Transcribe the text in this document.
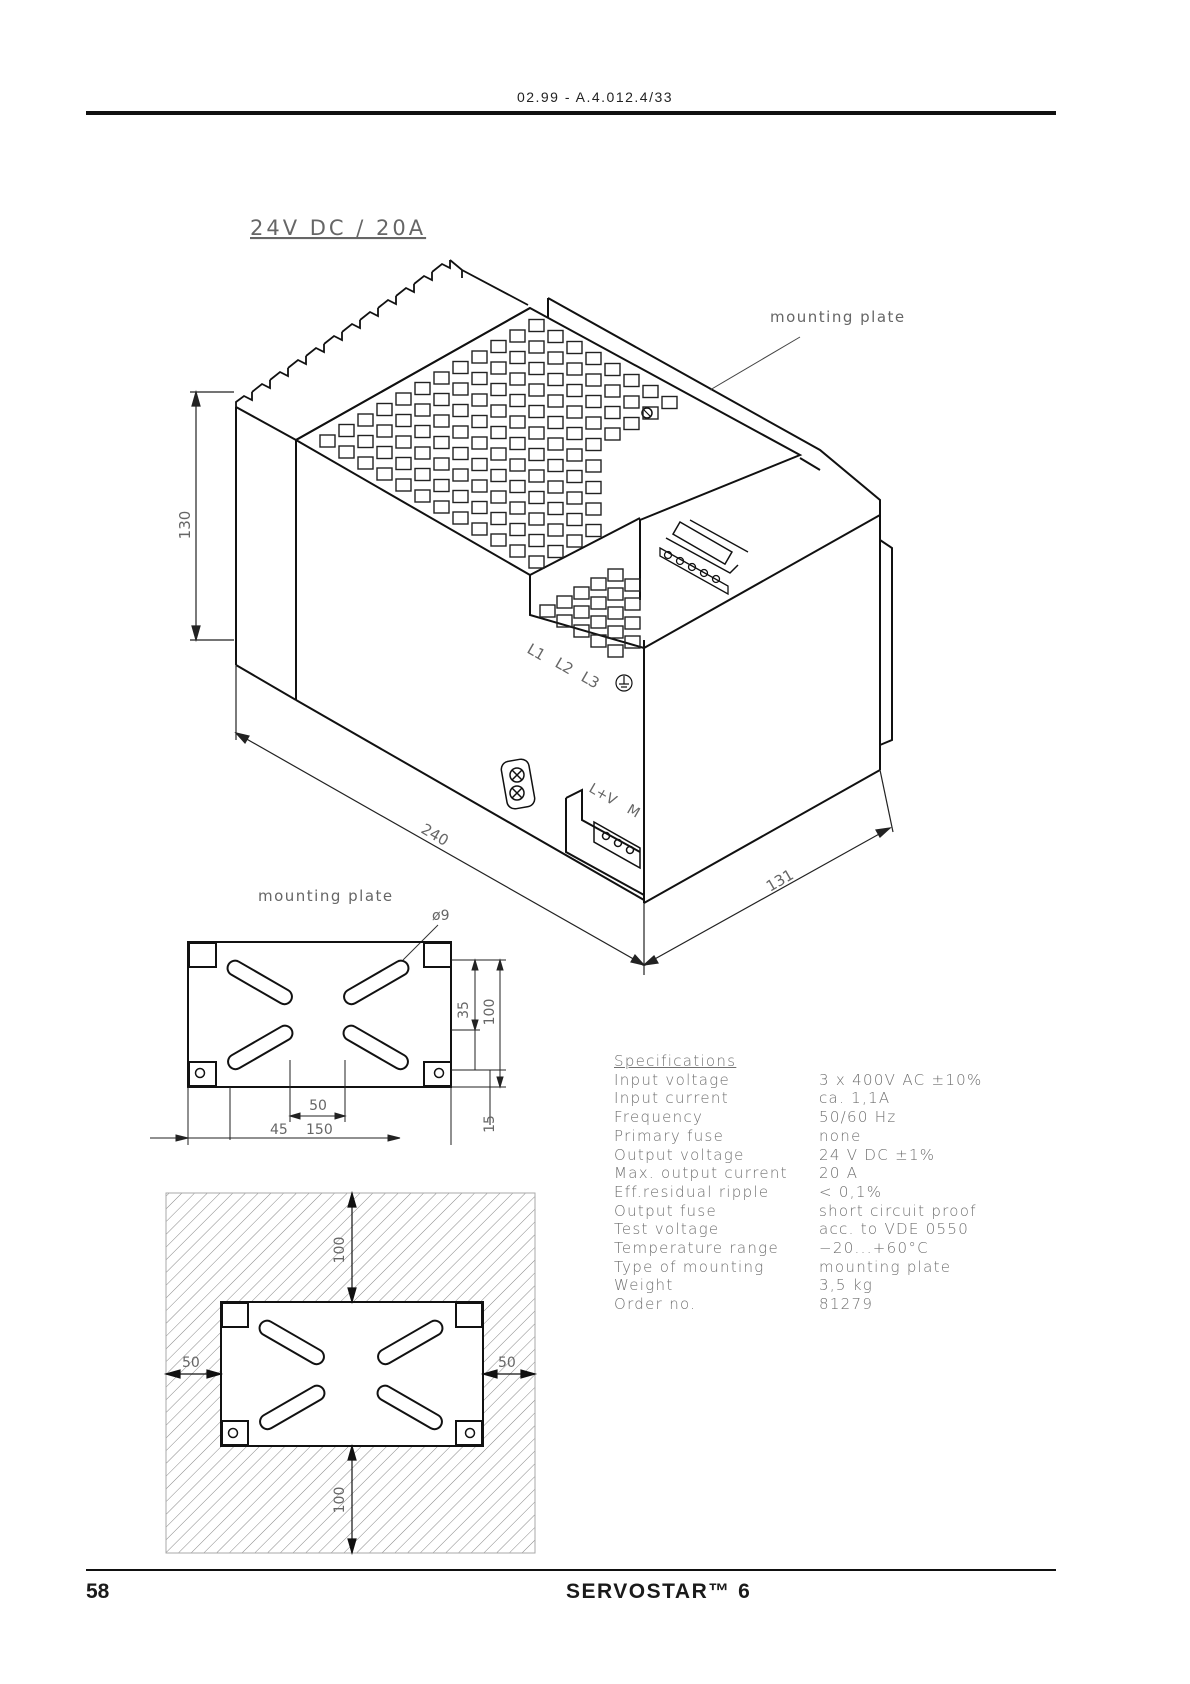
02.99 - A.4.012.4/33
24V DC / 20A
mounting plate
L1
L2
L3
L+V
M
130
240
131
mounting plate
ø9
35 100
15
50
45 150
100
100
50	50
Specifications
Input voltage	3 x 400V AC ±10%
Input current	ca. 1,1A
Frequency	50/60 Hz
Primary fuse	none
Output voltage	24 V DC ±1%
Max. output current	20 A
Eff.residual ripple	< 0,1%
Output fuse	short circuit proof
Test voltage	acc. to VDE 0550
Temperature range	−20...+60°C
Type of mounting	mounting plate
Weight	3,5 kg
Order no.	81279
58	SERVOSTAR™ 6
